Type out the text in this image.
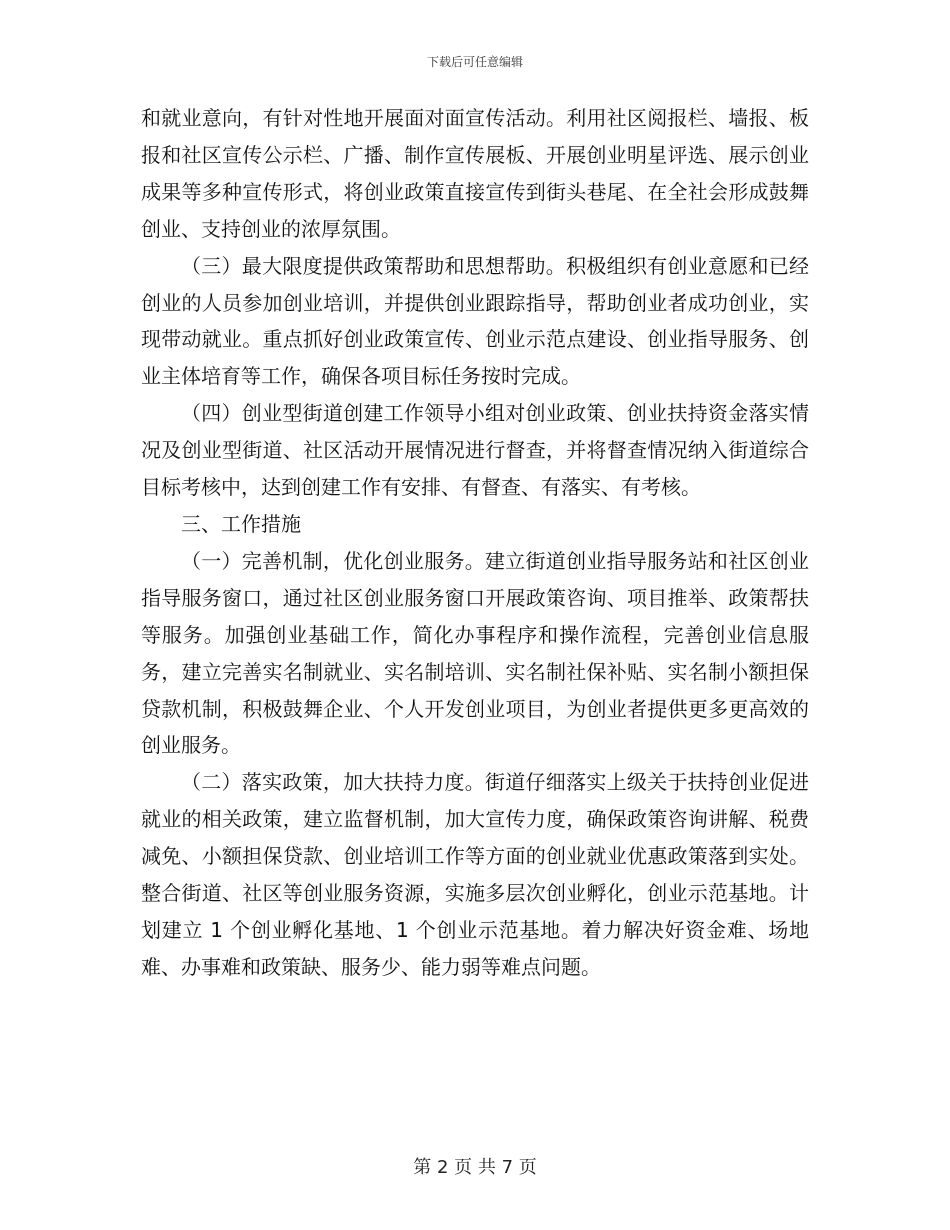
下载后可任意编辑

和就业意向，有针对性地开展面对面宣传活动。利用社区阅报栏、墙报、板报和社区宣传公示栏、广播、制作宣传展板、开展创业明星评选、展示创业成果等多种宣传形式，将创业政策直接宣传到街头巷尾、在全社会形成鼓舞创业、支持创业的浓厚氛围。

（三）最大限度提供政策帮助和思想帮助。积极组织有创业意愿和已经创业的人员参加创业培训，并提供创业跟踪指导，帮助创业者成功创业，实现带动就业。重点抓好创业政策宣传、创业示范点建设、创业指导服务、创业主体培育等工作，确保各项目标任务按时完成。

（四）创业型街道创建工作领导小组对创业政策、创业扶持资金落实情况及创业型街道、社区活动开展情况进行督查，并将督查情况纳入街道综合目标考核中，达到创建工作有安排、有督查、有落实、有考核。

三、工作措施

（一）完善机制，优化创业服务。建立街道创业指导服务站和社区创业指导服务窗口，通过社区创业服务窗口开展政策咨询、项目推举、政策帮扶等服务。加强创业基础工作，简化办事程序和操作流程，完善创业信息服务，建立完善实名制就业、实名制培训、实名制社保补贴、实名制小额担保贷款机制，积极鼓舞企业、个人开发创业项目，为创业者提供更多更高效的创业服务。

（二）落实政策，加大扶持力度。街道仔细落实上级关于扶持创业促进就业的相关政策，建立监督机制，加大宣传力度，确保政策咨询讲解、税费减免、小额担保贷款、创业培训工作等方面的创业就业优惠政策落到实处。整合街道、社区等创业服务资源，实施多层次创业孵化，创业示范基地。计划建立 1 个创业孵化基地、1 个创业示范基地。着力解决好资金难、场地难、办事难和政策缺、服务少、能力弱等难点问题。

第 2 页 共 7 页
